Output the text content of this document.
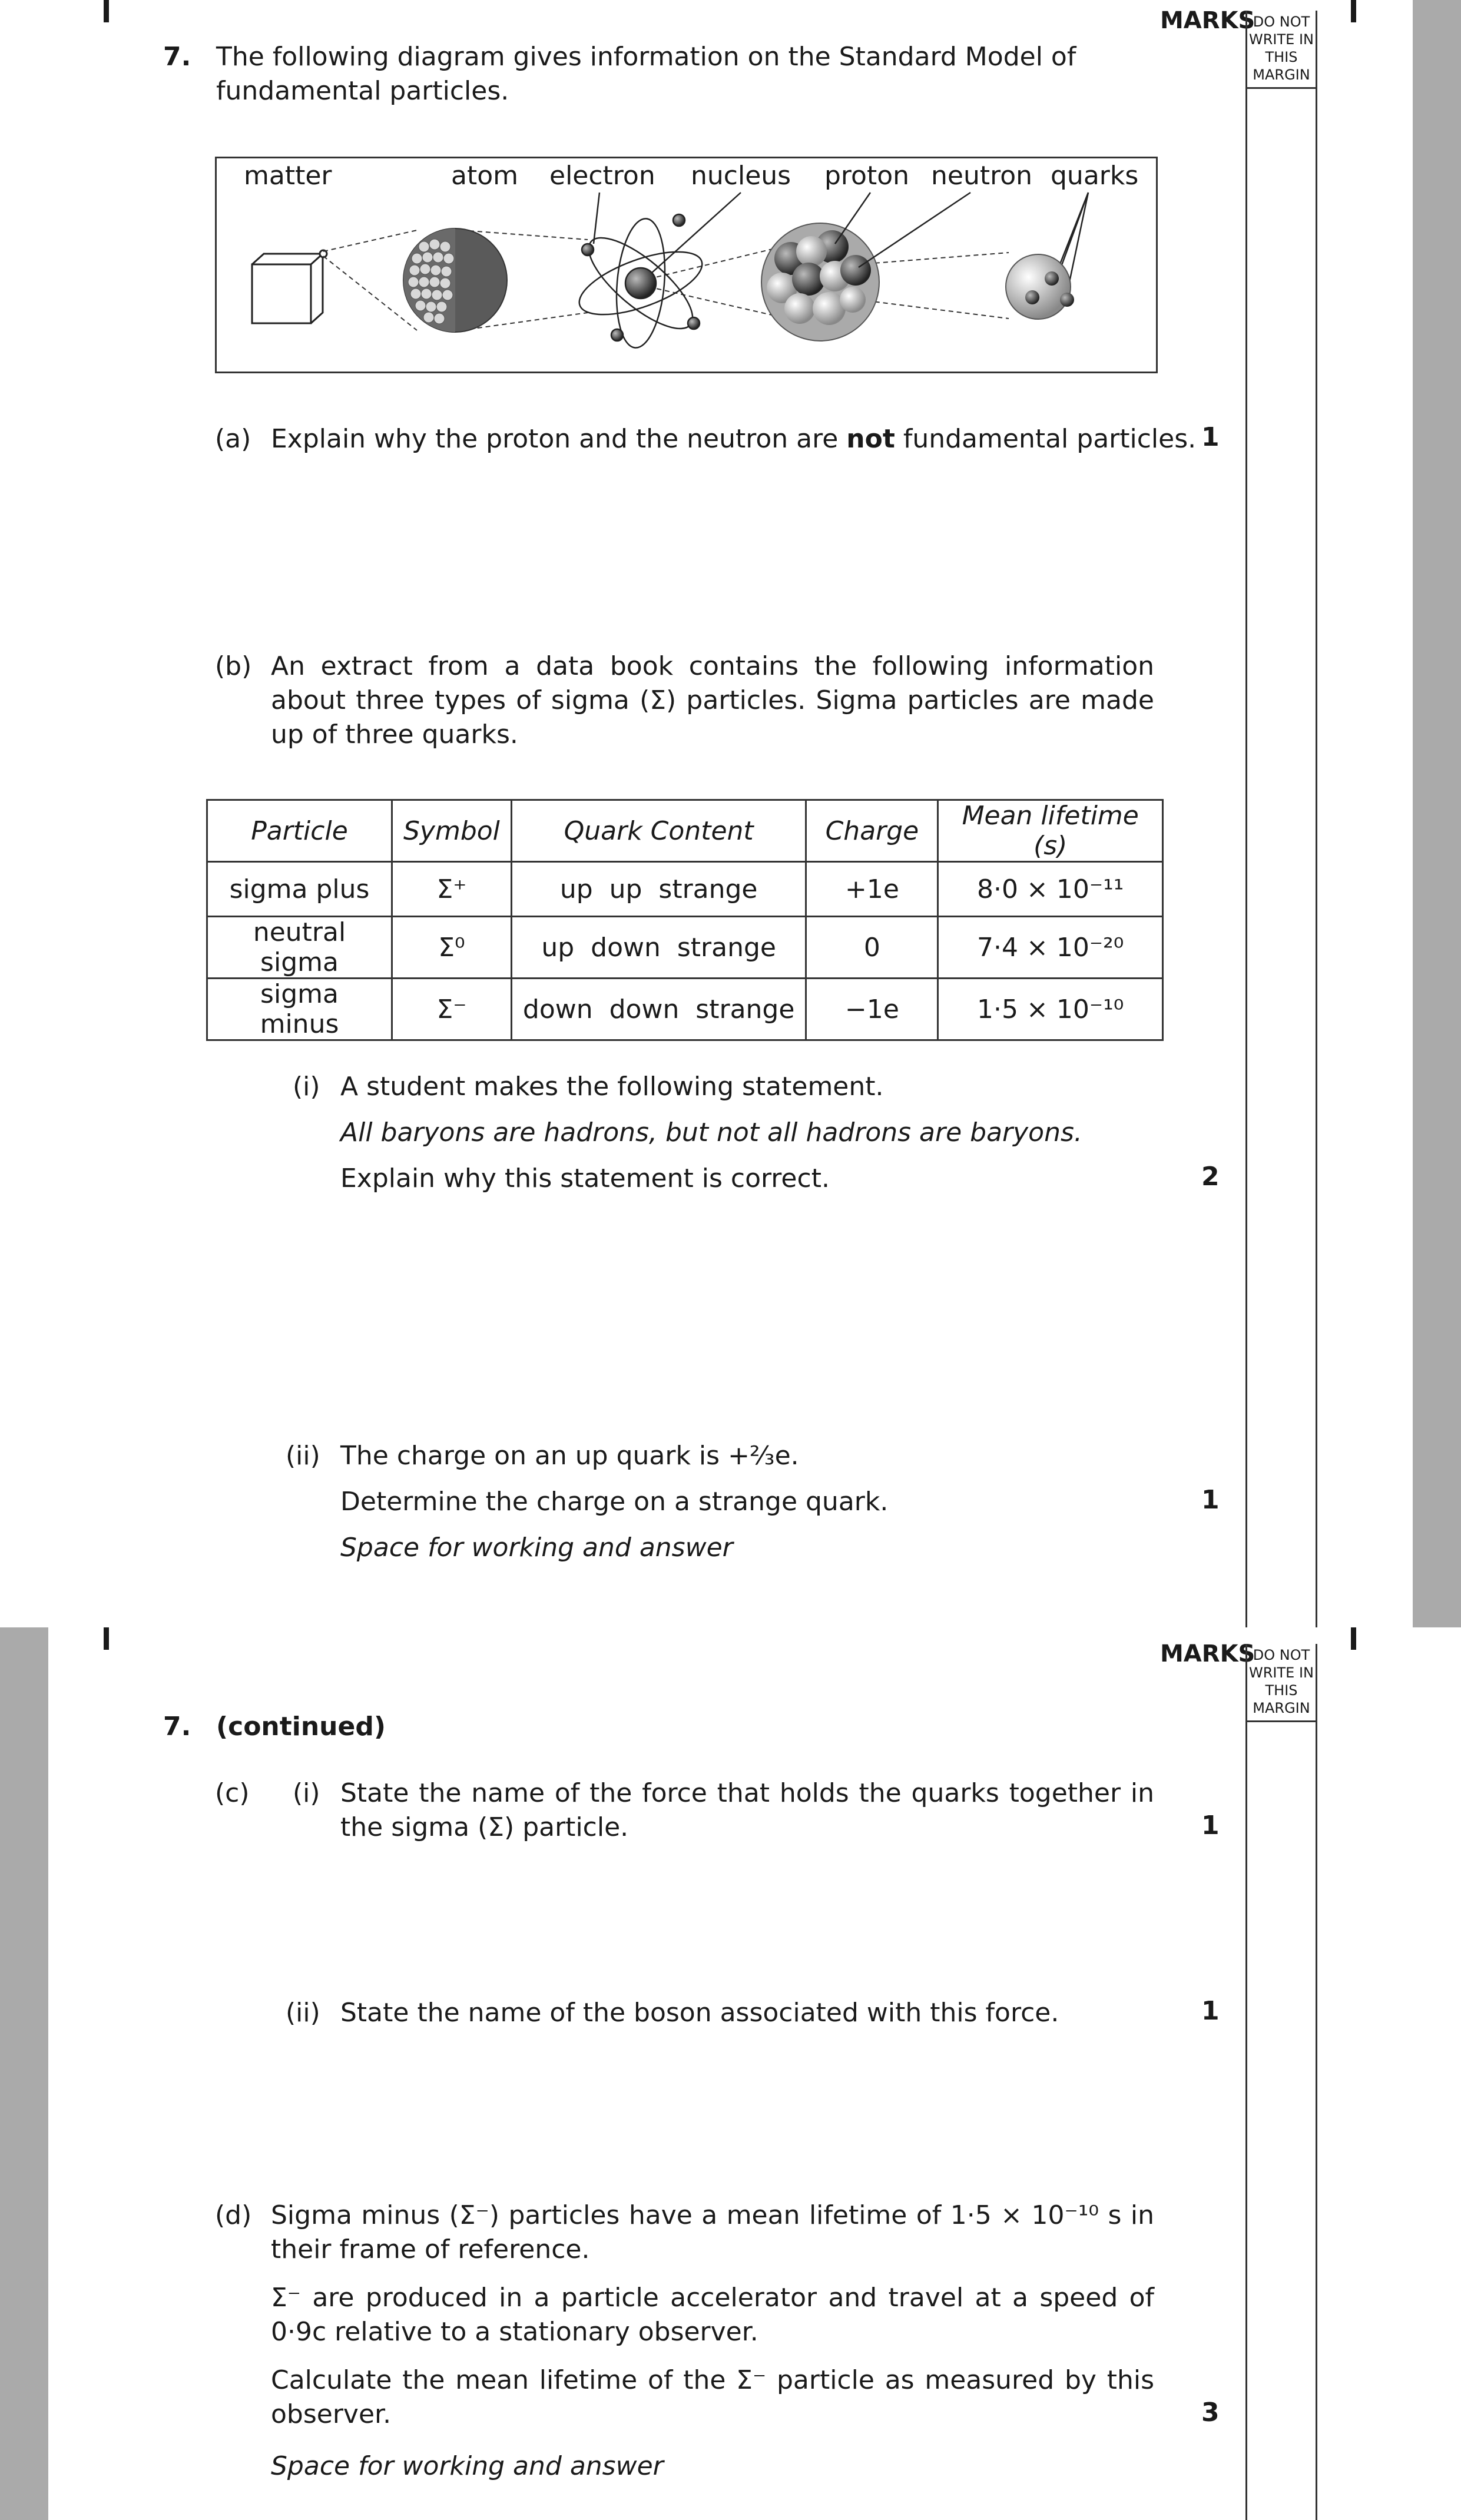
MARKS
DO NOT
WRITE IN
THIS
MARGIN
7. The following diagram gives information on the Standard Model of fundamental particles.
matter	atom electron nucleus proton neutron quarks
(a) Explain why the proton and the neutron are not fundamental particles. 1
(b) An extract from a data book contains the following information about three types of sigma (Σ) particles. Sigma particles are made up of three quarks.
Particle	Symbol	Quark Content	Charge	Mean lifetime (s)
sigma plus	Σ⁺	up  up  strange	+1e	8·0 × 10⁻¹¹
neutral sigma	Σ⁰	up  down  strange	0	7·4 × 10⁻²⁰
sigma minus	Σ⁻	down  down  strange	−1e	1·5 × 10⁻¹⁰
(i) A student makes the following statement.
All baryons are hadrons, but not all hadrons are baryons.
Explain why this statement is correct.	2
(ii) The charge on an up quark is +⅔e.
Determine the charge on a strange quark.	1
Space for working and answer
MARKS
DO NOT
WRITE IN
THIS
MARGIN
7. (continued)
(c) (i) State the name of the force that holds the quarks together in the sigma (Σ) particle.	1
(ii) State the name of the boson associated with this force.	1
(d) Sigma minus (Σ⁻) particles have a mean lifetime of 1·5 × 10⁻¹⁰ s in their frame of reference.
Σ⁻ are produced in a particle accelerator and travel at a speed of 0·9c relative to a stationary observer.
Calculate the mean lifetime of the Σ⁻ particle as measured by this observer.	3
Space for working and answer
